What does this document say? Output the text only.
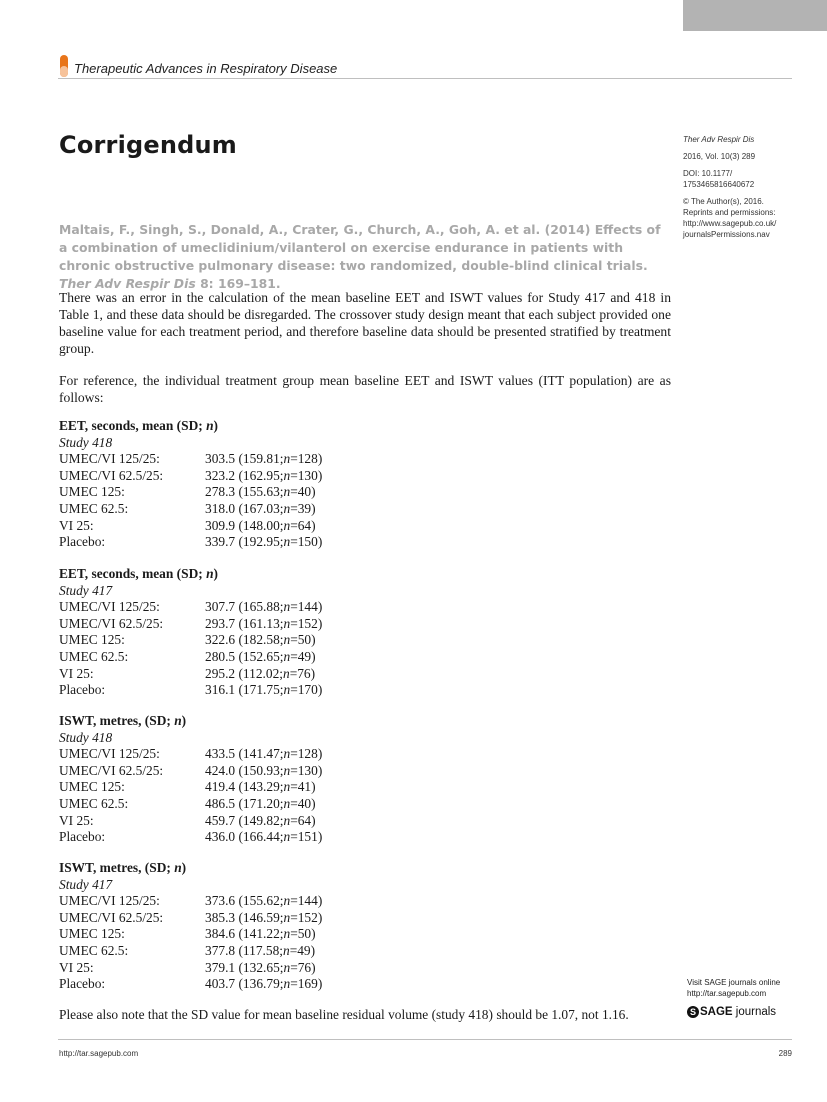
Therapeutic Advances in Respiratory Disease
Corrigendum	Ther Adv Respir Dis
2016, Vol. 10(3) 289
DOI: 10.1177/
1753465816640672
© The Author(s), 2016.
Reprints and permissions:
http://www.sagepub.co.uk/
journalsPermissions.nav
Maltais, F., Singh, S., Donald, A., Crater, G., Church, A., Goh, A. et al. (2014) Effects of a combination of umeclidinium/vilanterol on exercise endurance in patients with chronic obstructive pulmonary disease: two randomized, double-blind clinical trials. Ther Adv Respir Dis 8: 169–181.

There was an error in the calculation of the mean baseline EET and ISWT values for Study 417 and 418 in Table 1, and these data should be disregarded. The crossover study design meant that each subject provided one baseline value for each treatment period, and therefore baseline data should be presented stratified by treatment group.

For reference, the individual treatment group mean baseline EET and ISWT values (ITT population) are as follows:

EET, seconds, mean (SD; n)
Study 418
UMEC/VI 125/25:	303.5 (159.81; n =128)
UMEC/VI 62.5/25:	323.2 (162.95; n =130)
UMEC 125:	278.3 (155.63; n =40)
UMEC 62.5:	318.0 (167.03; n =39)
VI 25:	309.9 (148.00; n =64)
Placebo:	339.7 (192.95; n =150)
EET, seconds, mean (SD; n)
Study 417
UMEC/VI 125/25:	307.7 (165.88; n =144)
UMEC/VI 62.5/25:	293.7 (161.13; n =152)
UMEC 125:	322.6 (182.58; n =50)
UMEC 62.5:	280.5 (152.65; n =49)
VI 25:	295.2 (112.02; n =76)
Placebo:	316.1 (171.75; n =170)
ISWT, metres, (SD; n)
Study 418
UMEC/VI 125/25:	433.5 (141.47; n =128)
UMEC/VI 62.5/25:	424.0 (150.93; n =130)
UMEC 125:	419.4 (143.29; n =41)
UMEC 62.5:	486.5 (171.20; n =40)
VI 25:	459.7 (149.82; n =64)
Placebo:	436.0 (166.44; n =151)
ISWT, metres, (SD; n)
Study 417
UMEC/VI 125/25:	373.6 (155.62; n =144)
UMEC/VI 62.5/25:	385.3 (146.59; n =152)
UMEC 125:	384.6 (141.22; n =50)
UMEC 62.5:	377.8 (117.58; n =49)
VI 25:	379.1 (132.65; n =76)
Placebo:	403.7 (136.79; n =169)
Please also note that the SD value for mean baseline residual volume (study 418) should be 1.07, not 1.16.
Visit SAGE journals online
http://tar.sagepub.com
S SAGE journals
http://tar.sagepub.com	289
